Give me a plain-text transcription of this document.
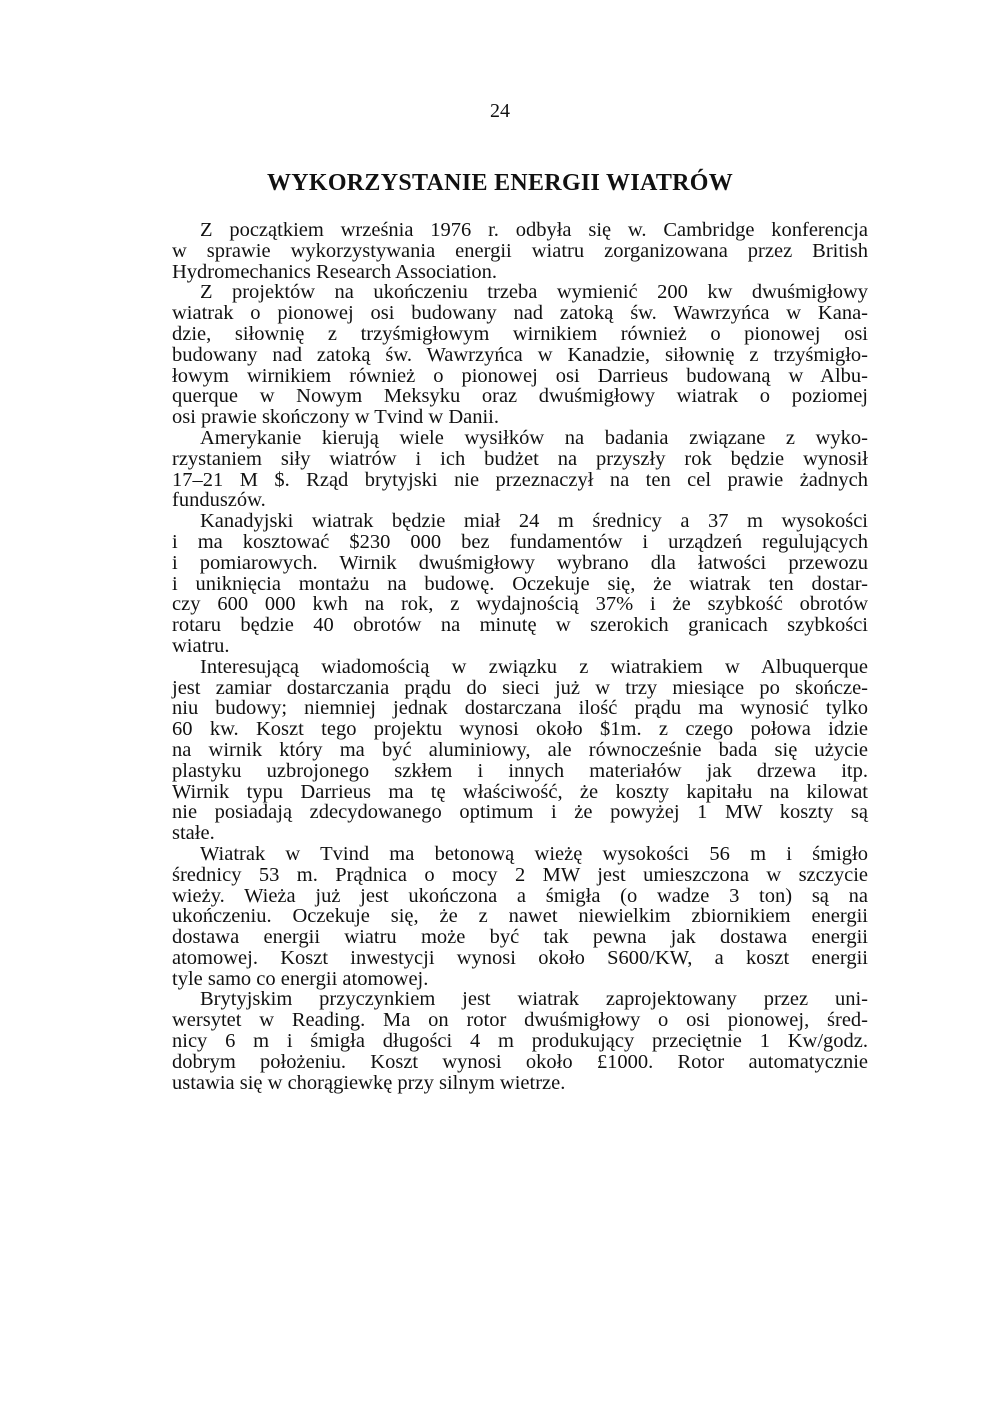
24
WYKORZYSTANIE ENERGII WIATRÓW
Z początkiem września 1976 r. odbyła się w. Cambridge konferencja
w sprawie wykorzystywania energii wiatru zorganizowana przez British
Hydromechanics Research Association.
Z projektów na ukończeniu trzeba wymienić 200 kw dwuśmigłowy
wiatrak o pionowej osi budowany nad zatoką św. Wawrzyńca w Kana-
dzie, siłownię z trzyśmigłowym wirnikiem również o pionowej osi
budowany nad zatoką św. Wawrzyńca w Kanadzie, siłownię z trzyśmigło-
łowym wirnikiem również o pionowej osi Darrieus budowaną w Albu-
querque w Nowym Meksyku oraz dwuśmigłowy wiatrak o poziomej
osi prawie skończony w Tvind w Danii.
Amerykanie kierują wiele wysiłków na badania związane z wyko-
rzystaniem siły wiatrów i ich budżet na przyszły rok będzie wynosił
17–21 M $. Rząd brytyjski nie przeznaczył na ten cel prawie żadnych
funduszów.
Kanadyjski wiatrak będzie miał 24 m średnicy a 37 m wysokości
i ma kosztować $230 000 bez fundamentów i urządzeń regulujących
i pomiarowych. Wirnik dwuśmigłowy wybrano dla łatwości przewozu
i uniknięcia montażu na budowę. Oczekuje się, że wiatrak ten dostar-
czy 600 000 kwh na rok, z wydajnością 37% i że szybkość obrotów
rotaru będzie 40 obrotów na minutę w szerokich granicach szybkości
wiatru.
Interesującą wiadomością w związku z wiatrakiem w Albuquerque
jest zamiar dostarczania prądu do sieci już w trzy miesiące po skończe-
niu budowy; niemniej jednak dostarczana ilość prądu ma wynosić tylko
60 kw. Koszt tego projektu wynosi około $1m. z czego połowa idzie
na wirnik który ma być aluminiowy, ale równocześnie bada się użycie
plastyku uzbrojonego szkłem i innych materiałów jak drzewa itp.
Wirnik typu Darrieus ma tę właściwość, że koszty kapitału na kilowat
nie posiadają zdecydowanego optimum i że powyżej 1 MW koszty są
stałe.
Wiatrak w Tvind ma betonową wieżę wysokości 56 m i śmigło
średnicy 53 m. Prądnica o mocy 2 MW jest umieszczona w szczycie
wieży. Wieża już jest ukończona a śmigła (o wadze 3 ton) są na
ukończeniu. Oczekuje się, że z nawet niewielkim zbiornikiem energii
dostawa energii wiatru może być tak pewna jak dostawa energii
atomowej. Koszt inwestycji wynosi około S600/KW, a koszt energii
tyle samo co energii atomowej.
Brytyjskim przyczynkiem jest wiatrak zaprojektowany przez uni-
wersytet w Reading. Ma on rotor dwuśmigłowy o osi pionowej, śred-
nicy 6 m i śmigła długości 4 m produkujący przeciętnie 1 Kw/godz.
dobrym położeniu. Koszt wynosi około £1000. Rotor automatycznie
ustawia się w chorągiewkę przy silnym wietrze.
